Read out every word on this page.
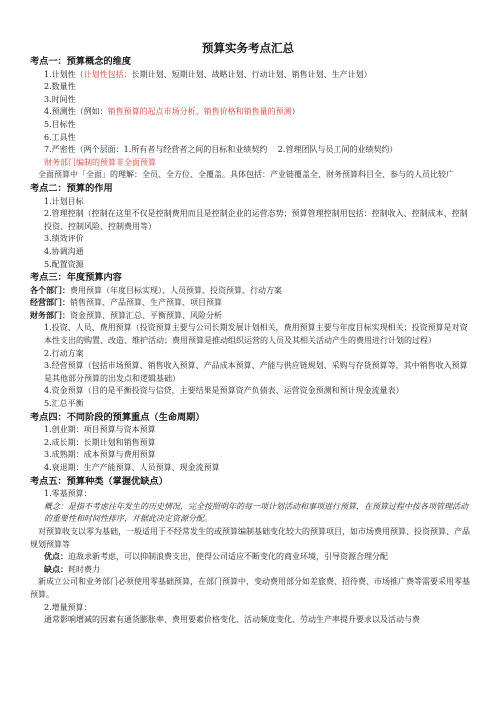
预算实务考点汇总
考点一：预算概念的维度
1.计划性（计划性包括：长期计划、短期计划、战略计划、行动计划、销售计划、生产计划）
2.数量性
3.时间性
4.预测性（例如：销售预算的起点市场分析、销售价格和销售量的预测）
5.目标性
6.工具性
7.严密性（两个层面：1.所有者与经营者之间的目标和业绩契约 　2.管理团队与员工间的业绩契约）
财务部门编制的预算非全面预算
全面预算中「全面」的理解：全员、全方位、全覆盖。具体包括：产业链覆盖全、财务预算科目全、参与的人员比较广
考点二：预算的作用
1.计划目标
2.管理控制（控制在这里不仅是控制费用而且是控制企业的运营态势；预算管理控制用包括：控制收入、控制成本、控制投资、控制风险、控制费用等）
3.绩效评价
4.协调沟通
5.配置资源
考点三：年度预算内容
各个部门：费用预算（年度目标实现）、人员预算、投资预算、行动方案
经营部门：销售预算、产品预算、生产预算、项目预算
财务部门：资金预算、预算汇总、平衡预算、风险分析
1.投资、人员、费用预算（投资预算主要与公司长期发展计划相关，费用预算主要与年度目标实现相关；投资预算是对资本性支出的购置、改造、维护活动；费用预算是推动组织运营的人员及其相关活动产生的费用进行计划的过程）
2.行动方案
3.经营预算（包括市场预算、销售收入预算、产品成本预算、产能与供应链规划、采购与存货预算等，其中销售收入预算是其他部分预算的出发点和逻辑基础）
4.资金预算（目的是平衡投资与信贷，主要结果是预算资产负债表、运营资金预测和预计现金流量表）
5.汇总平衡
考点四：不同阶段的预算重点（生命周期）
1.创业期：项目预算与资本预算
2.成长期：长期计划和销售预算
3.成熟期：成本预算与费用预算
4.衰退期：生产产能预算、人员预算、现金流预算
考点五：预算种类（掌握优缺点）
1.零基预算：
概念：是指不考虑往年发生的历史情况，完全按照明年的每一项计划活动和事项进行预算，在预算过程中按各项管理活动的重要性和时间性排序，并据此决定资源分配。
对预算收支以零为基础，一般适用于不经常发生的或预算编制基础变化较大的预算项目，如市场费用预算、投资预算、产品规划预算等
优点：迫敌求新考虑，可以抑制浪费支出，使得公司适应不断变化的商业环境，引导资源合理分配
缺点：耗时费力
新成立公司和业务部门必须使用零基础预算，在部门预算中，变动费用部分如差旅费、招待费、市场推广费等需要采用零基预算。
2.增量预算：
通常影响增减的因素有通货膨胀率、费用要素价格变化、活动频度变化、劳动生产率提升要求以及活动与费
